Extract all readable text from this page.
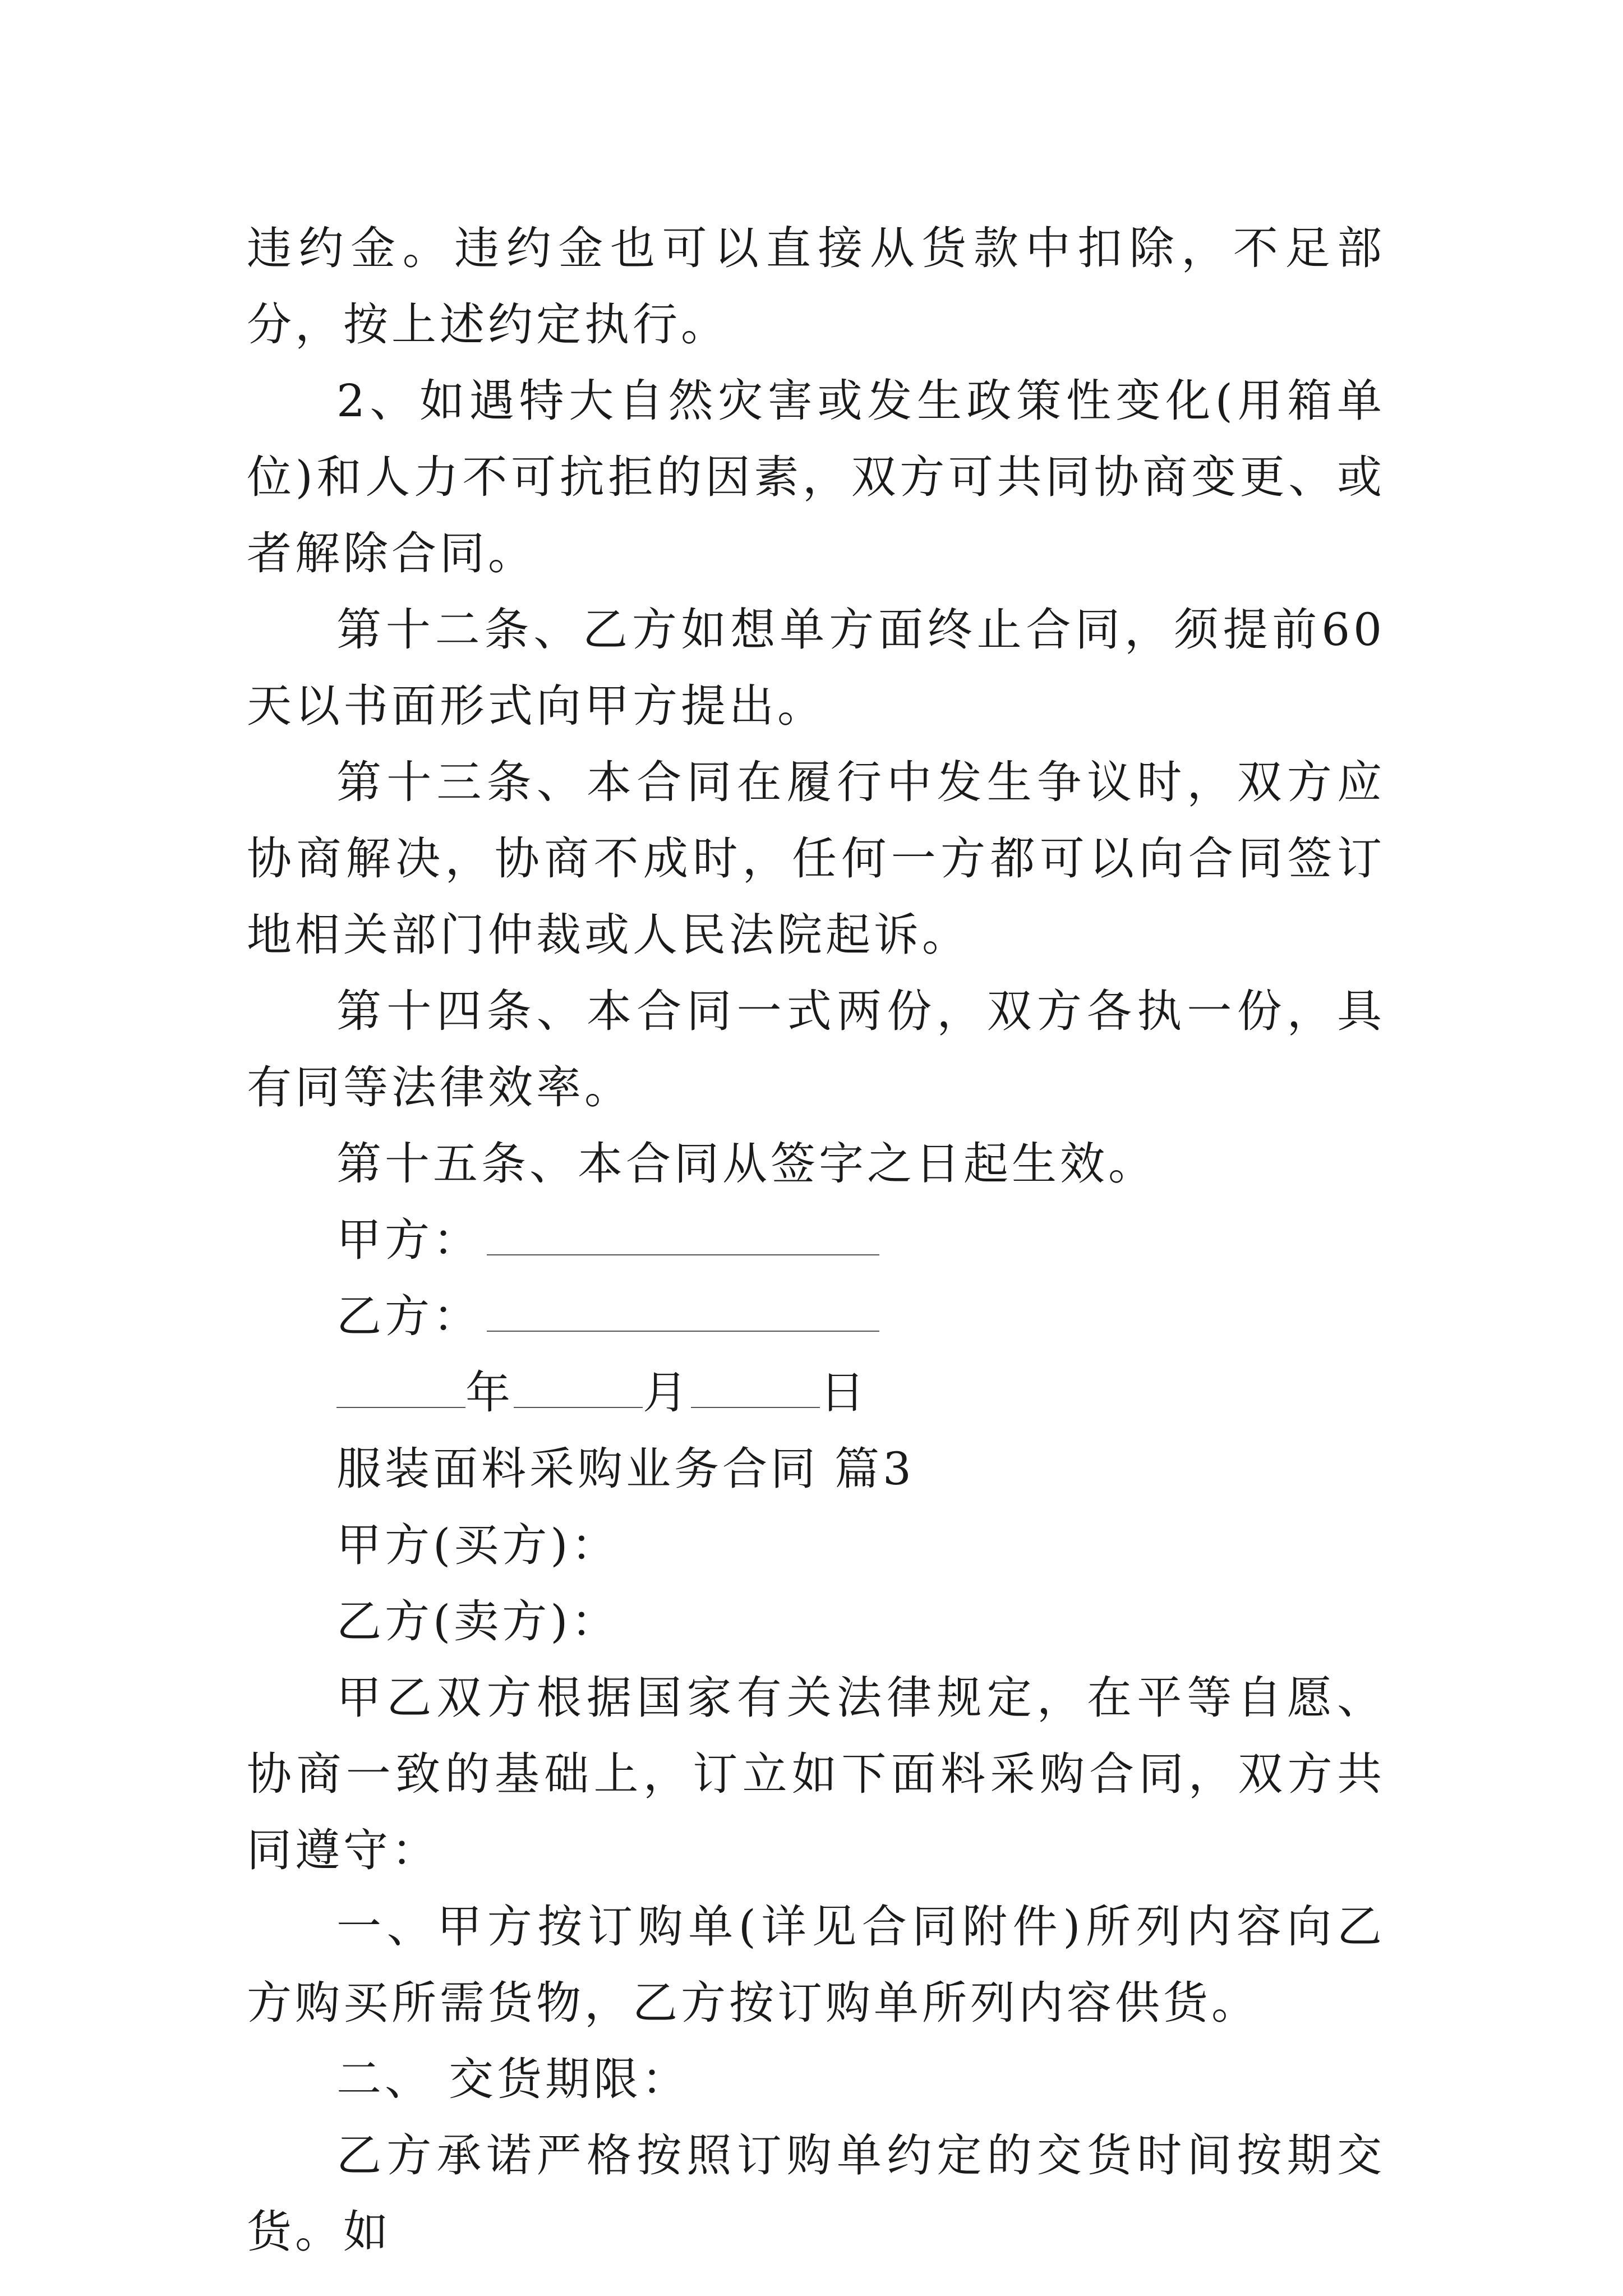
违约金。违约金也可以直接从货款中扣除，不足部分，按上述约定执行。

2、如遇特大自然灾害或发生政策性变化(用箱单位)和人力不可抗拒的因素，双方可共同协商变更、或者解除合同。

第十二条、乙方如想单方面终止合同，须提前60天以书面形式向甲方提出。

第十三条、本合同在履行中发生争议时，双方应协商解决，协商不成时，任何一方都可以向合同签订地相关部门仲裁或人民法院起诉。

第十四条、本合同一式两份，双方各执一份，具有同等法律效率。

第十五条、本合同从签字之日起生效。

甲方：

乙方：

年	月	日

服装面料采购业务合同 篇3

甲方(买方)：

乙方(卖方)：

甲乙双方根据国家有关法律规定，在平等自愿、协商一致的基础上，订立如下面料采购合同，双方共同遵守：

一、甲方按订购单(详见合同附件)所列内容向乙方购买所需货物，乙方按订购单所列内容供货。

二、 交货期限：

乙方承诺严格按照订购单约定的交货时间按期交货。如
